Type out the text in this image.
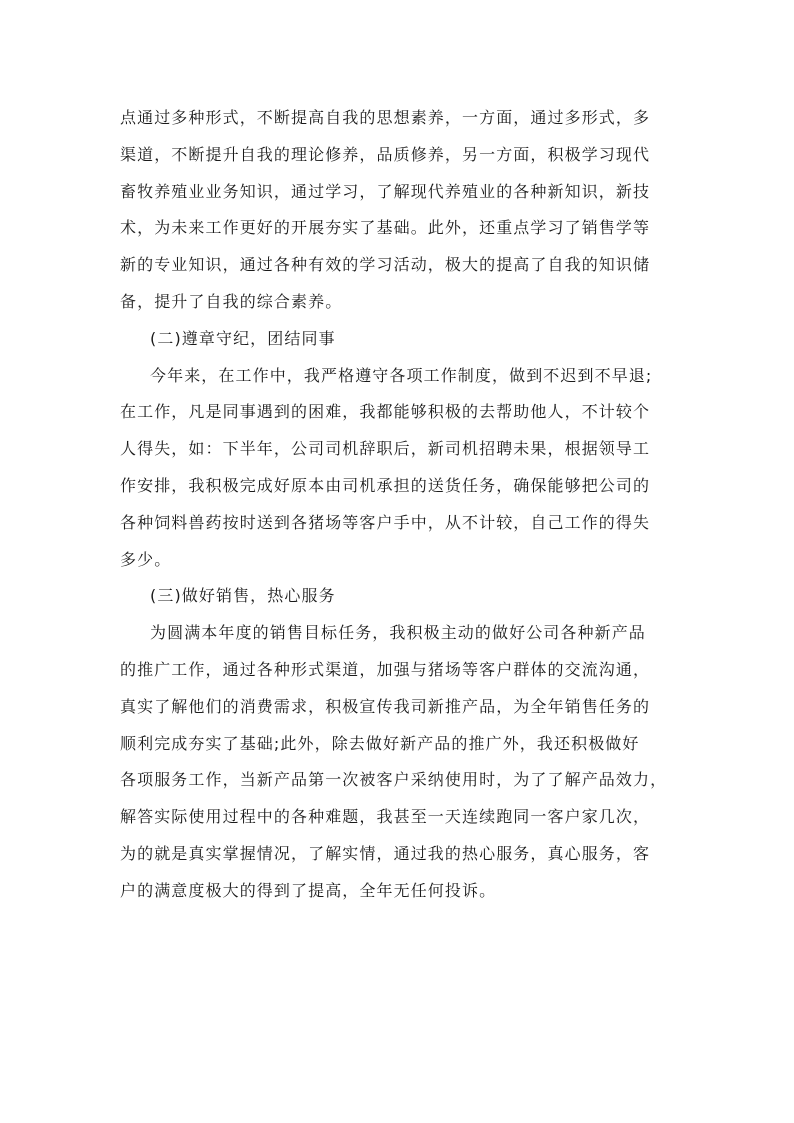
点通过多种形式，不断提高自我的思想素养，一方面，通过多形式，多
渠道，不断提升自我的理论修养，品质修养，另一方面，积极学习现代
畜牧养殖业业务知识，通过学习，了解现代养殖业的各种新知识，新技
术，为未来工作更好的开展夯实了基础。此外，还重点学习了销售学等
新的专业知识，通过各种有效的学习活动，极大的提高了自我的知识储
备，提升了自我的综合素养。
(二)遵章守纪，团结同事
今年来，在工作中，我严格遵守各项工作制度，做到不迟到不早退;
在工作，凡是同事遇到的困难，我都能够积极的去帮助他人，不计较个
人得失，如：下半年，公司司机辞职后，新司机招聘未果，根据领导工
作安排，我积极完成好原本由司机承担的送货任务，确保能够把公司的
各种饲料兽药按时送到各猪场等客户手中，从不计较，自己工作的得失
多少。
(三)做好销售，热心服务
为圆满本年度的销售目标任务，我积极主动的做好公司各种新产品
的推广工作，通过各种形式渠道，加强与猪场等客户群体的交流沟通，
真实了解他们的消费需求，积极宣传我司新推产品，为全年销售任务的
顺利完成夯实了基础;此外，除去做好新产品的推广外，我还积极做好
各项服务工作，当新产品第一次被客户采纳使用时，为了了解产品效力，
解答实际使用过程中的各种难题，我甚至一天连续跑同一客户家几次，
为的就是真实掌握情况，了解实情，通过我的热心服务，真心服务，客
户的满意度极大的得到了提高，全年无任何投诉。
